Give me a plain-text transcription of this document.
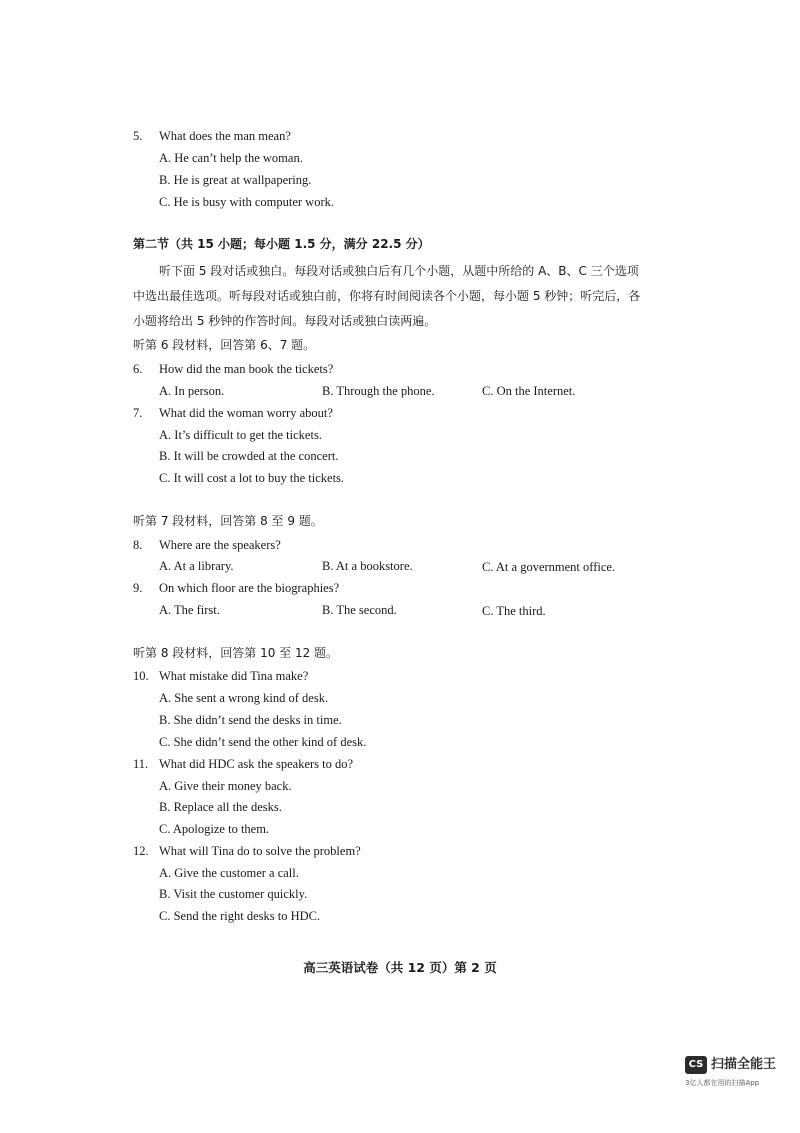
5. What does the man mean?
A. He can’t help the woman.
B. He is great at wallpapering.
C. He is busy with computer work.
第二节（共 15 小题；每小题 1.5 分，满分 22.5 分）
听下面 5 段对话或独白。每段对话或独白后有几个小题，从题中所给的 A、B、C 三个选项
中选出最佳选项。听每段对话或独白前，你将有时间阅读各个小题，每小题 5 秒钟；听完后，各
小题将给出 5 秒钟的作答时间。每段对话或独白读两遍。
听第 6 段材料，回答第 6、7 题。
6. How did the man book the tickets?
A. In person.	B. Through the phone.	C. On the Internet.
7. What did the woman worry about?
A. It’s difficult to get the tickets.
B. It will be crowded at the concert.
C. It will cost a lot to buy the tickets.
听第 7 段材料，回答第 8 至 9 题。
8. Where are the speakers?
A. At a library.	B. At a bookstore.	C. At a government office.
9. On which floor are the biographies?
A. The first.	B. The second.	C. The third.
听第 8 段材料，回答第 10 至 12 题。
10. What mistake did Tina make?
A. She sent a wrong kind of desk.
B. She didn’t send the desks in time.
C. She didn’t send the other kind of desk.
11. What did HDC ask the speakers to do?
A. Give their money back.
B. Replace all the desks.
C. Apologize to them.
12. What will Tina do to solve the problem?
A. Give the customer a call.
B. Visit the customer quickly.
C. Send the right desks to HDC.
高三英语试卷（共 12 页）第 2 页
CS 扫描全能王
3亿人都在用的扫描App
